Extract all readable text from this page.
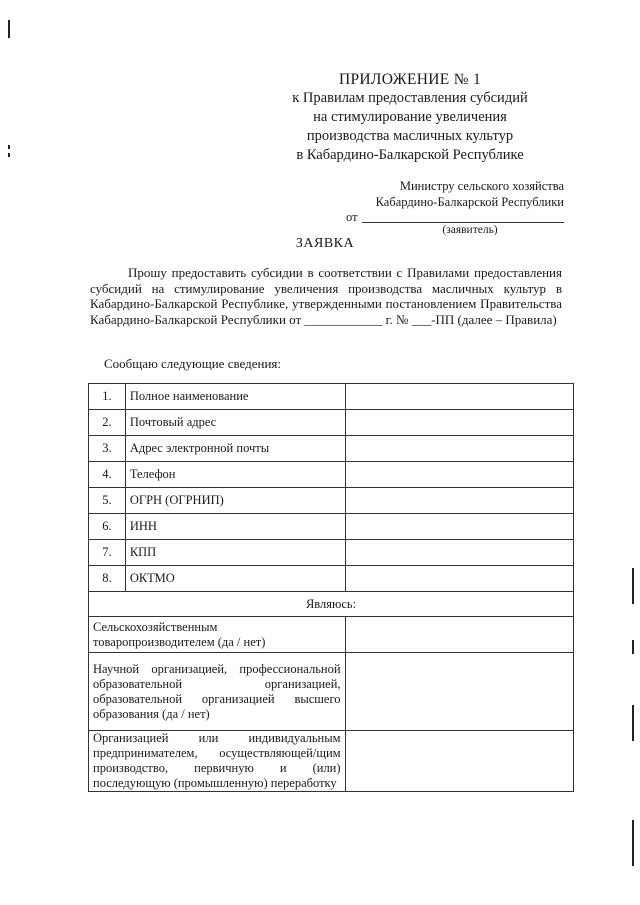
ПРИЛОЖЕНИЕ № 1
к Правилам предоставления субсидий
на стимулирование увеличения
производства масличных культур
в Кабардино-Балкарской Республике
Министру сельского хозяйства
Кабардино-Балкарской Республики
от
(заявитель)
ЗАЯВКА
Прошу предоставить субсидии в соответствии с Правилами предоставления субсидий на стимулирование увеличения производства масличных культур в Кабардино-Балкарской Республике, утвержденными постановлением Правительства Кабардино-Балкарской Республики от ____________ г. № ___-ПП (далее – Правила)
Сообщаю следующие сведения:
1.	Полное наименование	
2.	Почтовый адрес	
3.	Адрес электронной почты	
4.	Телефон	
5.	ОГРН (ОГРНИП)	
6.	ИНН	
7.	КПП	
8.	ОКТМО	
Являюсь:		
Сельскохозяйственным товаропроизводителем (да / нет)		
Научной организацией, профессиональной образовательной организацией, образовательной организацией высшего образования (да / нет)		
Организацией или индивидуальным предпринимателем, осуществляющей/щим производство, первичную и (или) последующую (промышленную) переработку		
